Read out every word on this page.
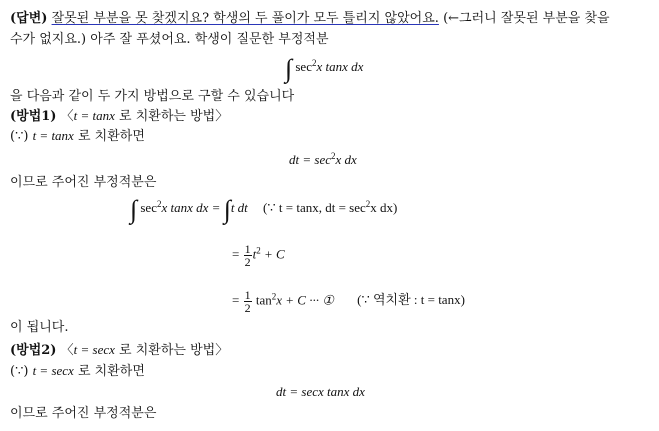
(답변) 잘못된 부분을 못 찾겠지요? 학생의 두 풀이가 모두 틀리지 않았어요. (←그러니 잘못된 부분을 찾을
수가 없지요.) 아주 잘 푸셨어요. 학생이 질문한 부정적분
∫ $\sec^2x$ tanx dx
을 다음과 같이 두 가지 방법으로 구할 수 있습니다
(방법1) 〈t = tanx 로 치환하는 방법〉
(∵) t = tanx 로 치환하면
dt = $\sec^2x$ dx
이므로 주어진 부정적분은
∫ $\sec^2x$ tanx dx = ∫t dt (∵ t = tanx, dt = $\sec^2x$ dx)
= $\frac{1}{2} t^2 + C$
= $\frac{1}{2} \tan^2x + C$ ··· ① (∵ 역치환 : t = tanx)
이 됩니다.
(방법2) 〈t = secx 로 치환하는 방법〉
(∵) t = secx 로 치환하면
dt = secx tanx dx
이므로 주어진 부정적분은
